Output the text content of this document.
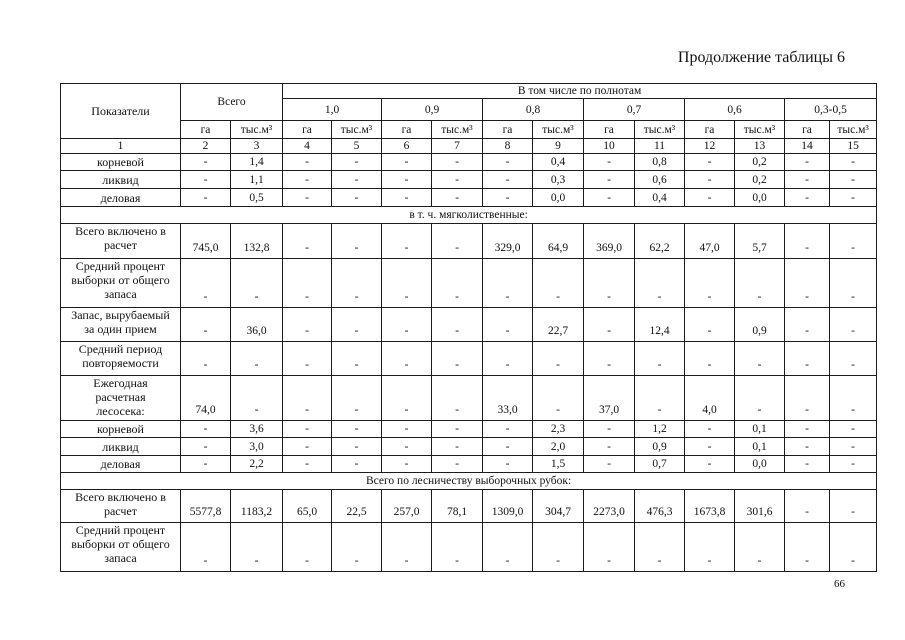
Продолжение таблицы 6
Показатели	Всего		В том числе по полнотам											
			1,0		0,9		0,8		0,7		0,6		0,3-0,5	
	га	тыс.м³	га	тыс.м³	га	тыс.м³	га	тыс.м³	га	тыс.м³	га	тыс.м³	га	тыс.м³
1	2	3	4	5	6	7	8	9	10	11	12	13	14	15

корневой	-	1,4	-	-	-	-	-	0,4	-	0,8	-	0,2	-	-

ликвид	-	1,1	-	-	-	-	-	0,3	-	0,6	-	0,2	-	-

деловая	-	0,5	-	-	-	-	-	0,0	-	0,4	-	0,0	-	-
в т. ч. мягколиственные:														

Всего включено в
расчет	745,0	132,8	-	-	-	-	329,0	64,9	369,0	62,2	47,0	5,7	-	-

Средний процент
выборки от общего
запаса	-	-	-	-	-	-	-	-	-	-	-	-	-	-

Запас, вырубаемый
за один прием	-	36,0	-	-	-	-	-	22,7	-	12,4	-	0,9	-	-

Средний период
повторяемости	-	-	-	-	-	-	-	-	-	-	-	-	-	-

Ежегодная
расчетная
лесосека:	74,0	-	-	-	-	-	33,0	-	37,0	-	4,0	-	-	-

корневой	-	3,6	-	-	-	-	-	2,3	-	1,2	-	0,1	-	-

ликвид	-	3,0	-	-	-	-	-	2,0	-	0,9	-	0,1	-	-

деловая	-	2,2	-	-	-	-	-	1,5	-	0,7	-	0,0	-	-
Всего по лесничеству выборочных рубок:														

Всего включено в
расчет	5577,8	1183,2	65,0	22,5	257,0	78,1	1309,0	304,7	2273,0	476,3	1673,8	301,6	-	-

Средний процент
выборки от общего
запаса	-	-	-	-	-	-	-	-	-	-	-	-	-	-
66
